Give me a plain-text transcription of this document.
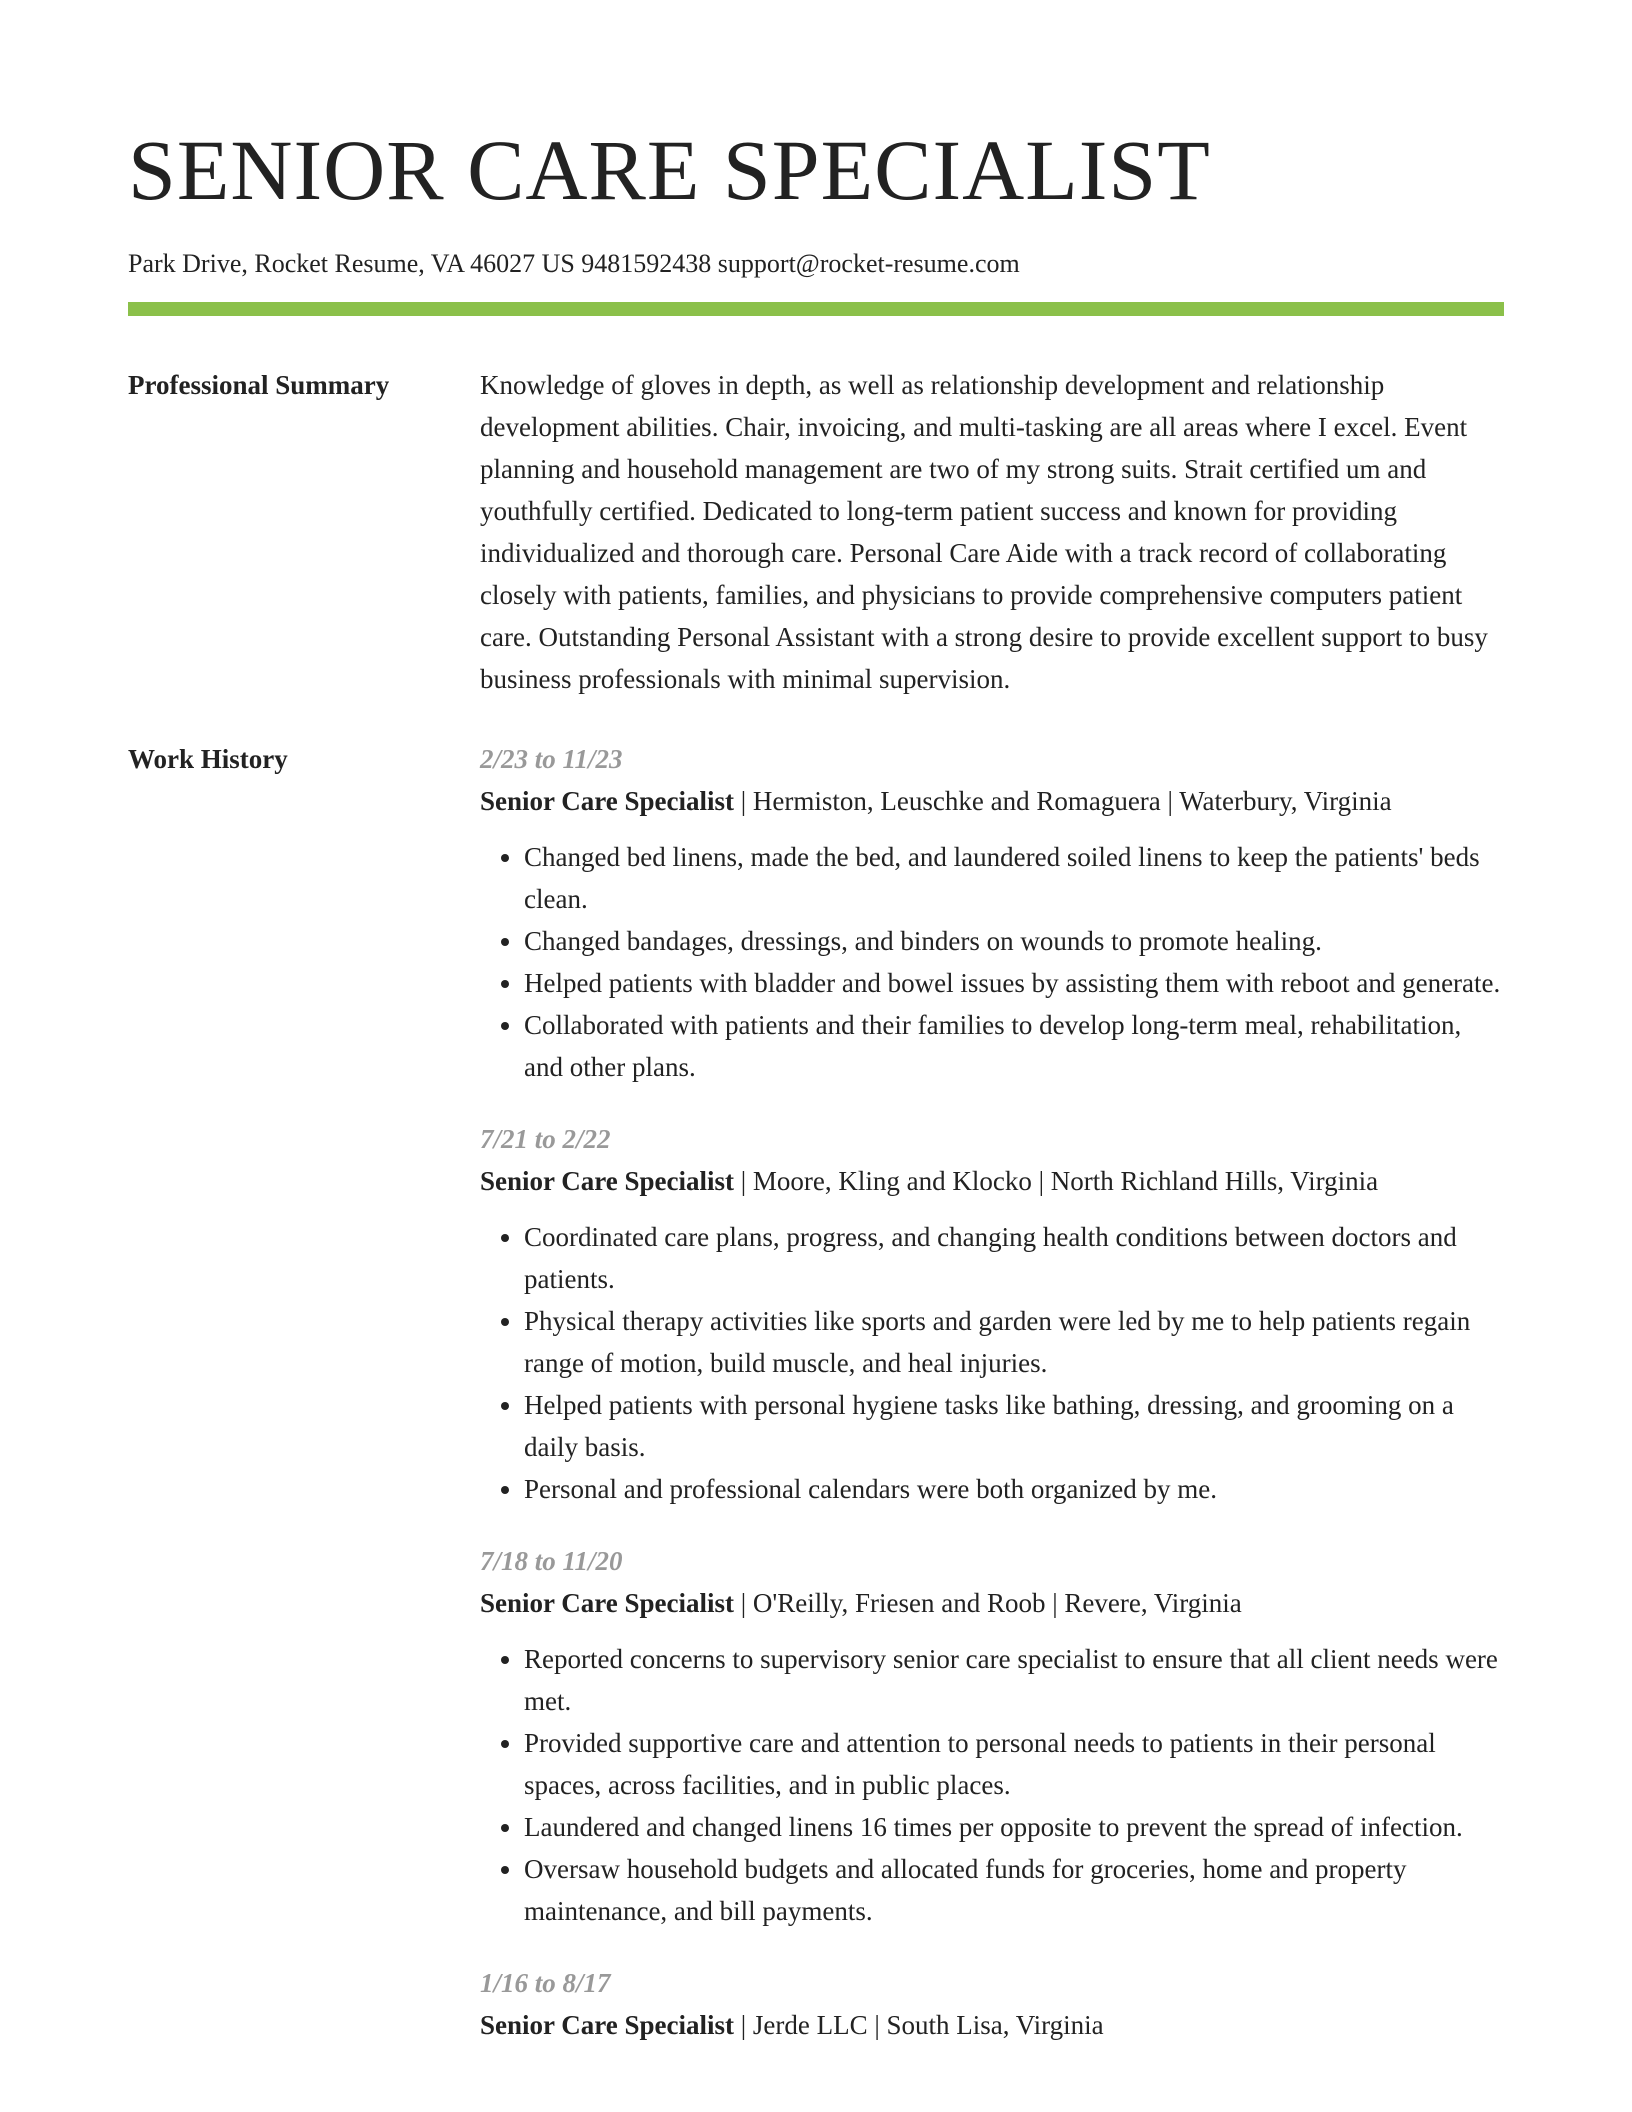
SENIOR CARE SPECIALIST
Park Drive, Rocket Resume, VA 46027 US 9481592438 support@rocket-resume.com
Professional Summary	Knowledge of gloves in depth, as well as relationship development and relationship development abilities. Chair, invoicing, and multi-tasking are all areas where I excel. Event planning and household management are two of my strong suits. Strait certified um and youthfully certified. Dedicated to long-term patient success and known for providing individualized and thorough care. Personal Care Aide with a track record of collaborating closely with patients, families, and physicians to provide comprehensive computers patient care. Outstanding Personal Assistant with a strong desire to provide excellent support to busy business professionals with minimal supervision.

Work History	2/23 to 11/23
Senior Care Specialist | Hermiston, Leuschke and Romaguera | Waterbury, Virginia
• Changed bed linens, made the bed, and laundered soiled linens to keep the patients' beds clean.
• Changed bandages, dressings, and binders on wounds to promote healing.
• Helped patients with bladder and bowel issues by assisting them with reboot and generate.
• Collaborated with patients and their families to develop long-term meal, rehabilitation, and other plans.
7/21 to 2/22
Senior Care Specialist | Moore, Kling and Klocko | North Richland Hills, Virginia
• Coordinated care plans, progress, and changing health conditions between doctors and patients.
• Physical therapy activities like sports and garden were led by me to help patients regain range of motion, build muscle, and heal injuries.
• Helped patients with personal hygiene tasks like bathing, dressing, and grooming on a daily basis.
• Personal and professional calendars were both organized by me.
7/18 to 11/20
Senior Care Specialist | O'Reilly, Friesen and Roob | Revere, Virginia
• Reported concerns to supervisory senior care specialist to ensure that all client needs were met.
• Provided supportive care and attention to personal needs to patients in their personal spaces, across facilities, and in public places.
• Laundered and changed linens 16 times per opposite to prevent the spread of infection.
• Oversaw household budgets and allocated funds for groceries, home and property maintenance, and bill payments.
1/16 to 8/17
Senior Care Specialist | Jerde LLC | South Lisa, Virginia
